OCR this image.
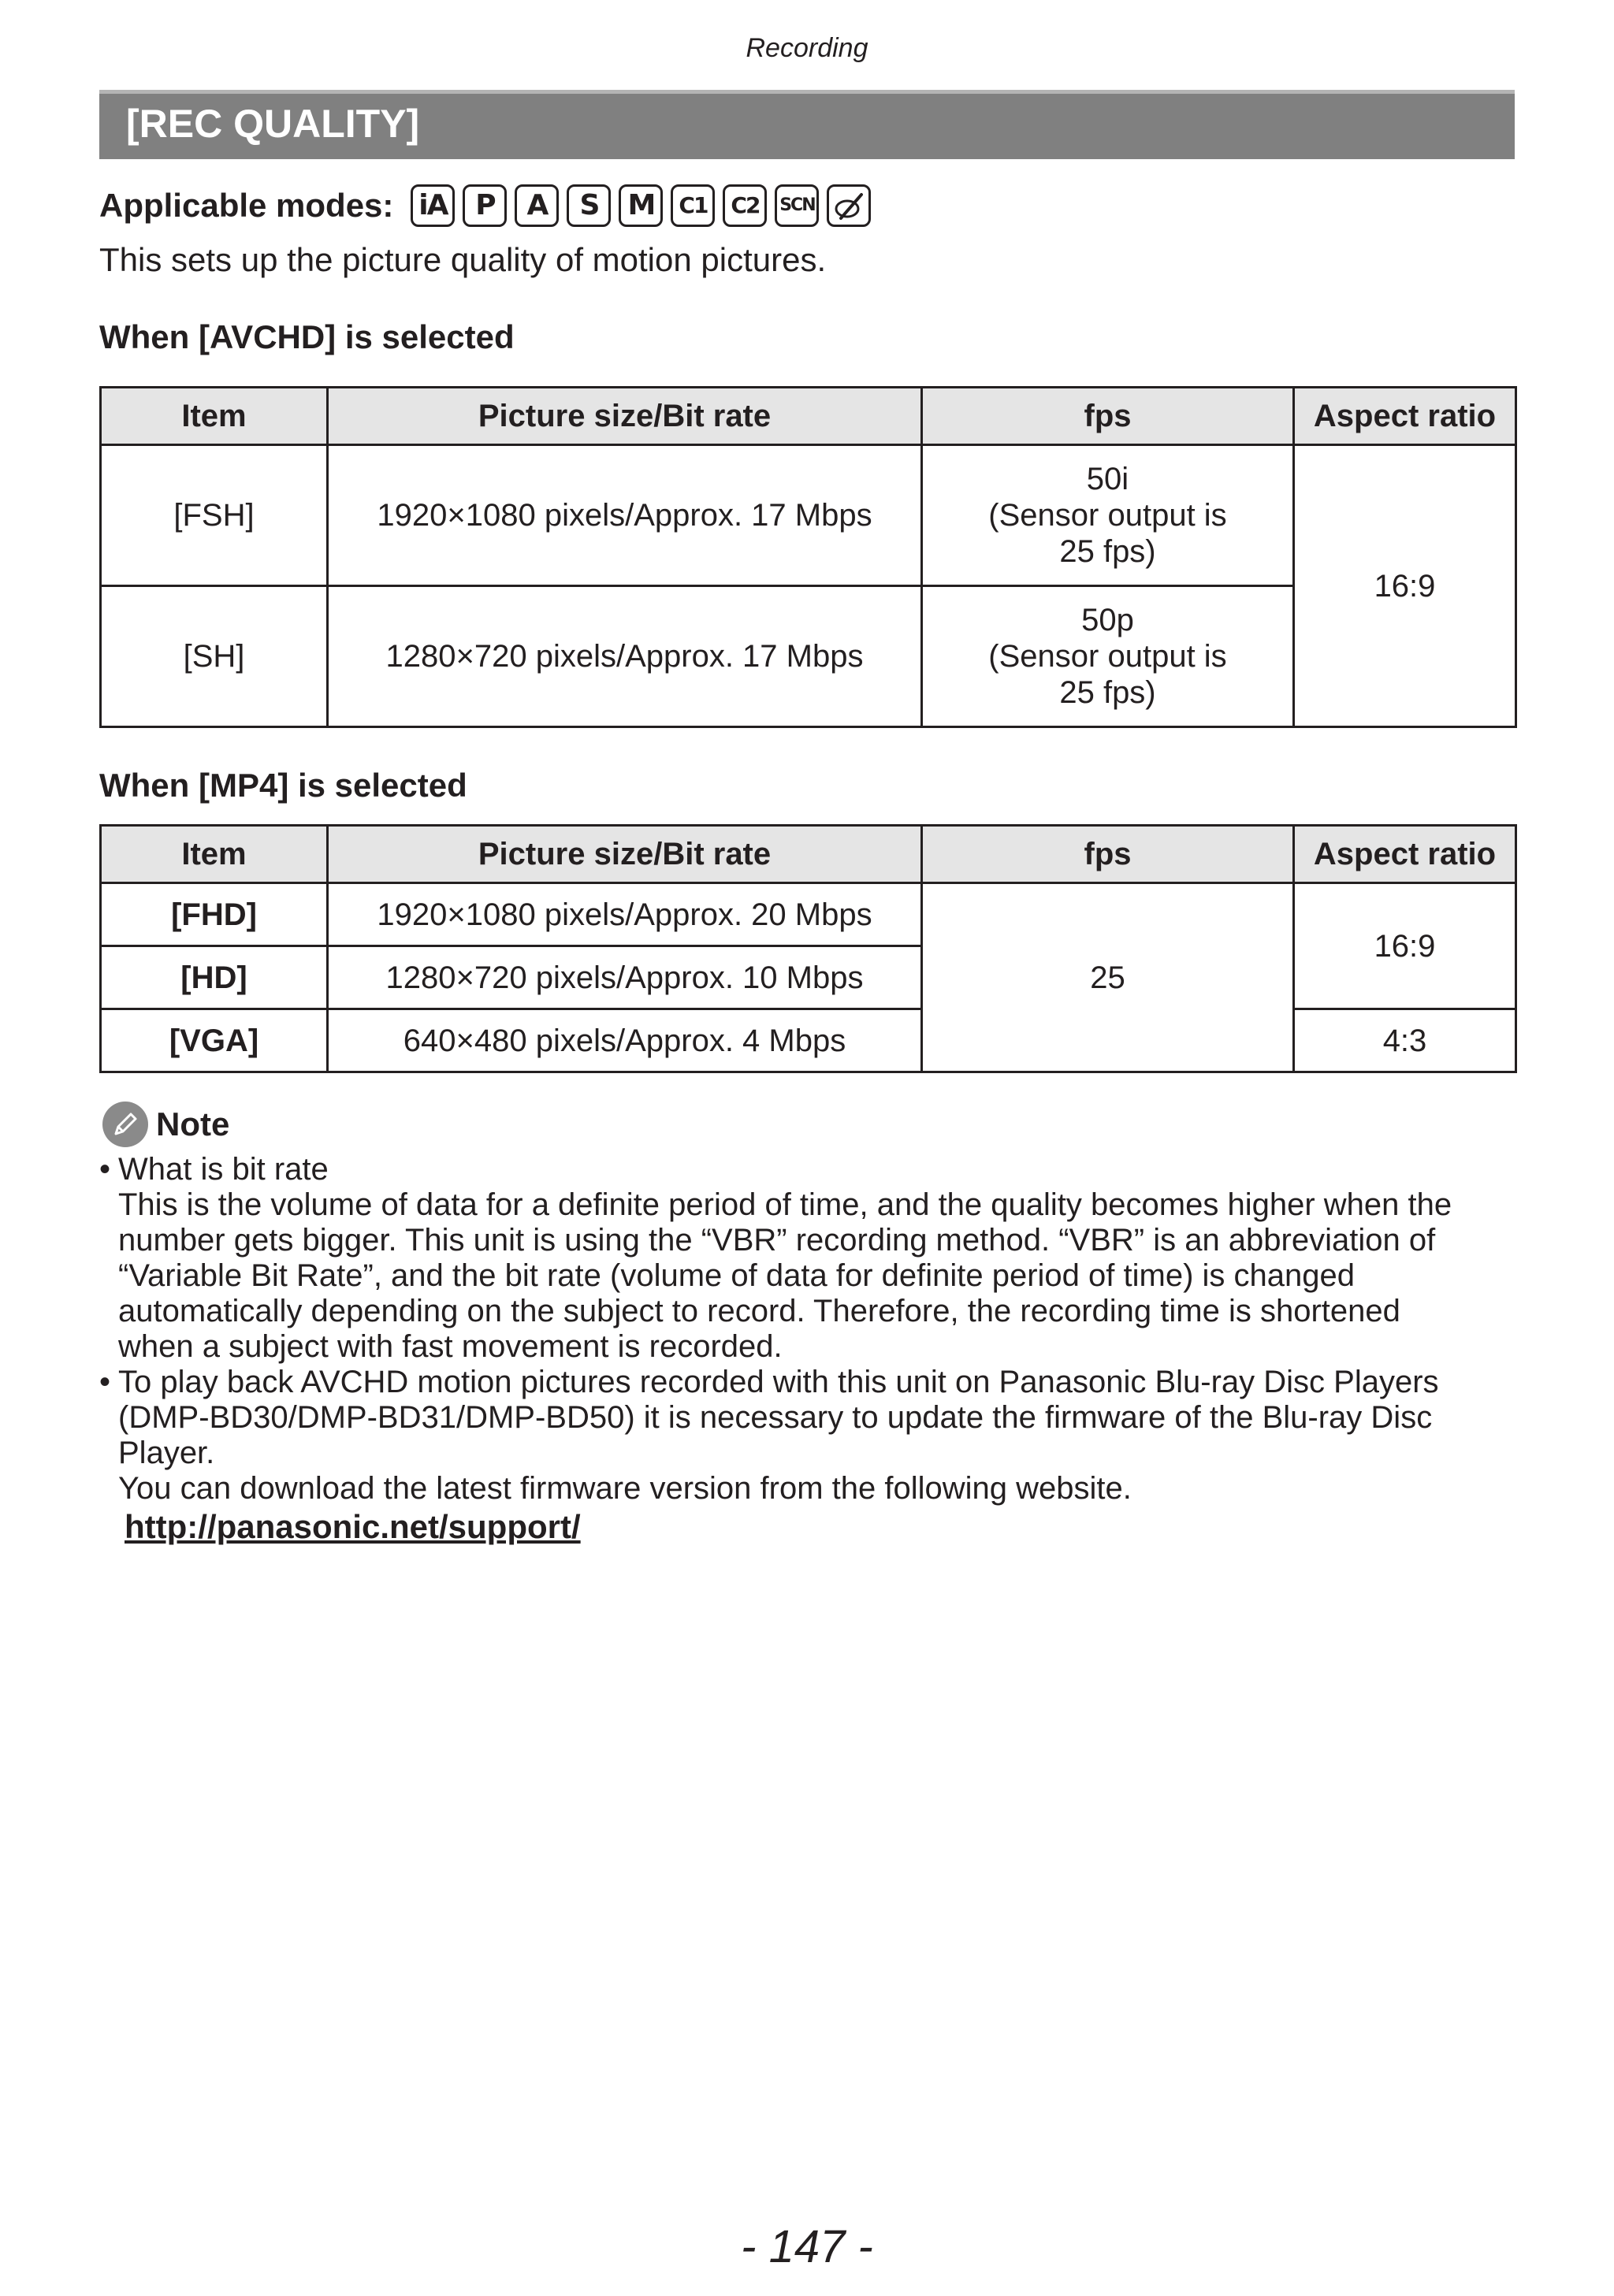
Recording
[REC QUALITY]
Applicable modes: iA P	A	S	M	C1	C2	SCN
This sets up the picture quality of motion pictures.
When [AVCHD] is selected
Item	Picture size/Bit rate	fps	Aspect ratio
[FSH]	1920×1080 pixels/Approx. 17 Mbps	50i
(Sensor output is
25 fps)	16:9
[SH]	1280×720 pixels/Approx. 17 Mbps	50p
(Sensor output is
25 fps)	
When [MP4] is selected
Item	Picture size/Bit rate	fps	Aspect ratio
[FHD]	1920×1080 pixels/Approx. 20 Mbps	25	16:9
[HD]	1280×720 pixels/Approx. 10 Mbps		
[VGA]	640×480 pixels/Approx. 4 Mbps		4:3
Note
• What is bit rate
This is the volume of data for a definite period of time, and the quality becomes higher when the
number gets bigger. This unit is using the “VBR” recording method. “VBR” is an abbreviation of
“Variable Bit Rate”, and the bit rate (volume of data for definite period of time) is changed
automatically depending on the subject to record. Therefore, the recording time is shortened
when a subject with fast movement is recorded.
• To play back AVCHD motion pictures recorded with this unit on Panasonic Blu-ray Disc Players
(DMP-BD30/DMP-BD31/DMP-BD50) it is necessary to update the firmware of the Blu-ray Disc
Player.
You can download the latest firmware version from the following website.
http://panasonic.net/support/
- 147 -
